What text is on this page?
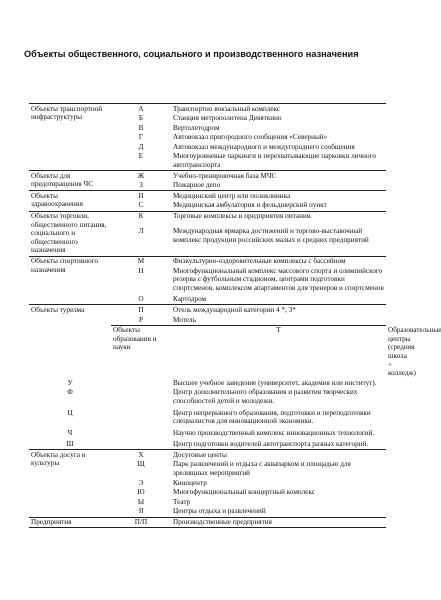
Объекты общественного, социального и производственного назначения
Объекты транспортной инфраструктуры	А	Транспортно вокзальный комплекс	
	Б	Станция метрополитена Девяткино	
	В	Вертолетодром	
	Г	Автовокзал пригородного сообщения «Северный»	
	Д	Автовокзал международного и междугороднего сообщения	
	Е	Многоуровневые паркинги и перехватывающие парковки личного автотранспорта	
Объекты для предотвращения ЧС	Ж	Учебно-тренировочная база МЧС	
	З	Пожарное депо	
Объекты здравоохранения	И	Медицинский центр или поликлиника	
	С	Медицинская амбулатория и фельдшерский пункт	
Объекты торговли, общественного питания, социального и общественного назначения	К	Торговые комплексы и предприятия питания.	
	Л	Международная ярмарка достижений и торгово-выставочный комплекс продукции российских малых и средних предприятий	
Объекты спортивного назначения	М	Физкультурно-оздоровительные комплексы с бассейном	
	Н	Многофункциональный комплекс массового спорта и олимпийского резерва с футбольным стадионом, центрами подготовки спортсменов, комплексом апартаментов для тренеров и спортсменов	

	О	Картодром	
Объекты туризма	П	Отель международной категории 4 *, 3*	
	Р	Мотель	
	Объекты образования и науки	Т	Образовательные центры (средняя школа + колледж)
У		Высшее учебное заведение (университет, академия или институт).	
Ф		Центр дополнительного образования и развития творческих способностей детей и молодежи.	

Ц		Центр непрерывного образования, подготовки и переподготовки специалистов для инновационной экономики.	

Ч		Научно производственный комплекс инновационных технологий.	

Ш		Центр подготовки водителей автотранспорта разных категорий.	
Объекты досуга и культуры	Х	Досуговые центы	
	Щ	Парк развлечений и отдыха с аквапарком и площадью для зрелищных мероприятий	
	Э	Киноцентр	
	Ю	Многофункциональный концертный комплекс	
	Ы	Театр	
	Я	Центры отдыха и развлечений	
Предприятия	П/П	Производственные предприятия	
